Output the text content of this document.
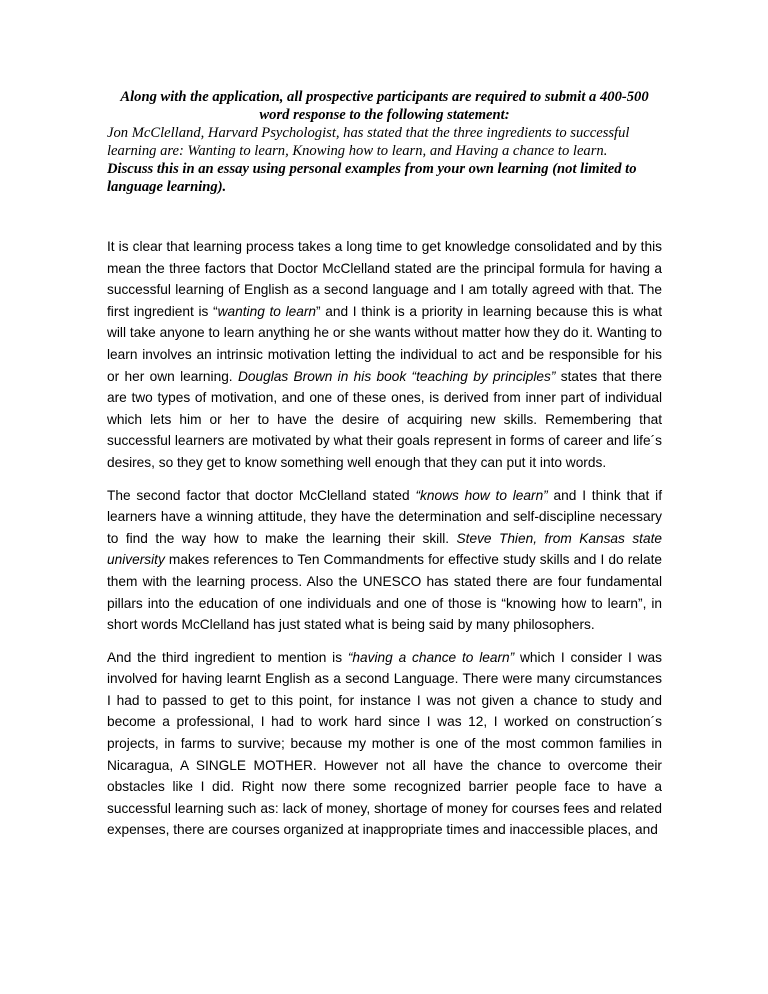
Along with the application, all prospective participants are required to submit a 400-500 word response to the following statement:

Jon McClelland, Harvard Psychologist, has stated that the three ingredients to successful learning are: Wanting to learn, Knowing how to learn, and Having a chance to learn.

Discuss this in an essay using personal examples from your own learning (not limited to language learning).

It is clear that learning process takes a long time to get knowledge consolidated and by this mean the three factors that Doctor McClelland stated are the principal formula for having a successful learning of English as a second language and I am totally agreed with that. The first ingredient is “wanting to learn” and I think is a priority in learning because this is what will take anyone to learn anything he or she wants without matter how they do it. Wanting to learn involves an intrinsic motivation letting the individual to act and be responsible for his or her own learning. Douglas Brown in his book “teaching by principles” states that there are two types of motivation, and one of these ones, is derived from inner part of individual which lets him or her to have the desire of acquiring new skills. Remembering that successful learners are motivated by what their goals represent in forms of career and life´s desires, so they get to know something well enough that they can put it into words.

The second factor that doctor McClelland stated “knows how to learn” and I think that if learners have a winning attitude, they have the determination and self-discipline necessary to find the way how to make the learning their skill. Steve Thien, from Kansas state university makes references to Ten Commandments for effective study skills and I do relate them with the learning process. Also the UNESCO has stated there are four fundamental pillars into the education of one individuals and one of those is “knowing how to learn”, in short words McClelland has just stated what is being said by many philosophers.

And the third ingredient to mention is “having a chance to learn” which I consider I was involved for having learnt English as a second Language. There were many circumstances I had to passed to get to this point, for instance I was not given a chance to study and become a professional, I had to work hard since I was 12, I worked on construction´s projects, in farms to survive; because my mother is one of the most common families in Nicaragua, A SINGLE MOTHER. However not all have the chance to overcome their obstacles like I did. Right now there some recognized barrier people face to have a successful learning such as: lack of money, shortage of money for courses fees and related expenses, there are courses organized at inappropriate times and inaccessible places, and
